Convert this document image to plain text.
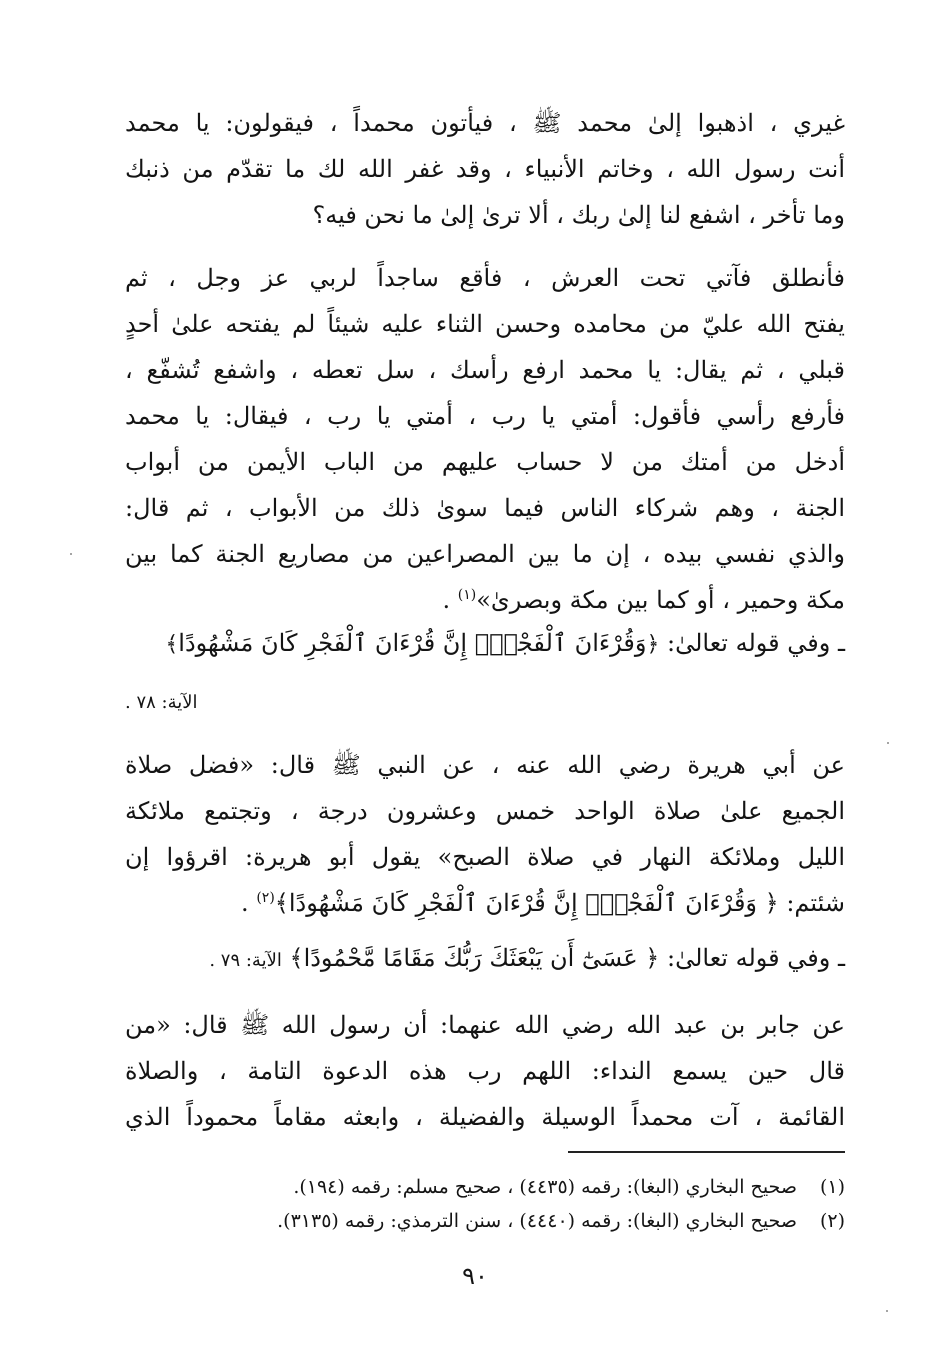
غيري ، اذهبوا إلىٰ محمد ﷺ ، فيأتون محمداً ، فيقولون: يا محمد
أنت رسول الله ، وخاتم الأنبياء ، وقد غفر الله لك ما تقدّم من ذنبك
وما تأخر ، اشفع لنا إلىٰ ربك ، ألا ترىٰ إلىٰ ما نحن فيه؟
فأنطلق فآتي تحت العرش ، فأقع ساجداً لربي عز وجل ، ثم
يفتح الله عليّ من محامده وحسن الثناء عليه شيئاً لم يفتحه علىٰ أحدٍ
قبلي ، ثم يقال: يا محمد ارفع رأسك ، سل تعطه ، واشفع تُشفّع ،
فأرفع رأسي فأقول: أمتي يا رب ، أمتي يا رب ، فيقال: يا محمد
أدخل من أمتك من لا حساب عليهم من الباب الأيمن من أبواب
الجنة ، وهم شركاء الناس فيما سوىٰ ذلك من الأبواب ، ثم قال:
والذي نفسي بيده ، إن ما بين المصراعين من مصاريع الجنة كما بين
مكة وحمير ، أو كما بين مكة وبصرىٰ»$^{(١)}$ .
ـ وفي قوله تعالىٰ: ﴿وَقُرْءَانَ ٱلْفَجْرِۖ إِنَّ قُرْءَانَ ٱلْفَجْرِ كَانَ مَشْهُودًا﴾
الآية: ٧٨ .
عن أبي هريرة رضي الله عنه ، عن النبي ﷺ قال: «فضل صلاة
الجميع علىٰ صلاة الواحد خمس وعشرون درجة ، وتجتمع ملائكة
الليل وملائكة النهار في صلاة الصبح» يقول أبو هريرة: اقرؤوا إن
شئتم: ﴿ وَقُرْءَانَ ٱلْفَجْرِۖ إِنَّ قُرْءَانَ ٱلْفَجْرِ كَانَ مَشْهُودًا﴾$^{(٢)}$ .
ـ وفي قوله تعالىٰ: ﴿ عَسَىٰٓ أَن يَبْعَثَكَ رَبُّكَ مَقَامًا مَّحْمُودًا﴾ الآية: ٧٩ .
عن جابر بن عبد الله رضي الله عنهما: أن رسول الله ﷺ قال: «من
قال حين يسمع النداء: اللهم رب هذه الدعوة التامة ، والصلاة
القائمة ، آت محمداً الوسيلة والفضيلة ، وابعثه مقاماً محموداً الذي
(١) صحيح البخاري (البغا): رقمه (٤٤٣٥) ، صحيح مسلم: رقمه (١٩٤).
(٢) صحيح البخاري (البغا): رقمه (٤٤٤٠) ، سنن الترمذي: رقمه (٣١٣٥).
٩٠
